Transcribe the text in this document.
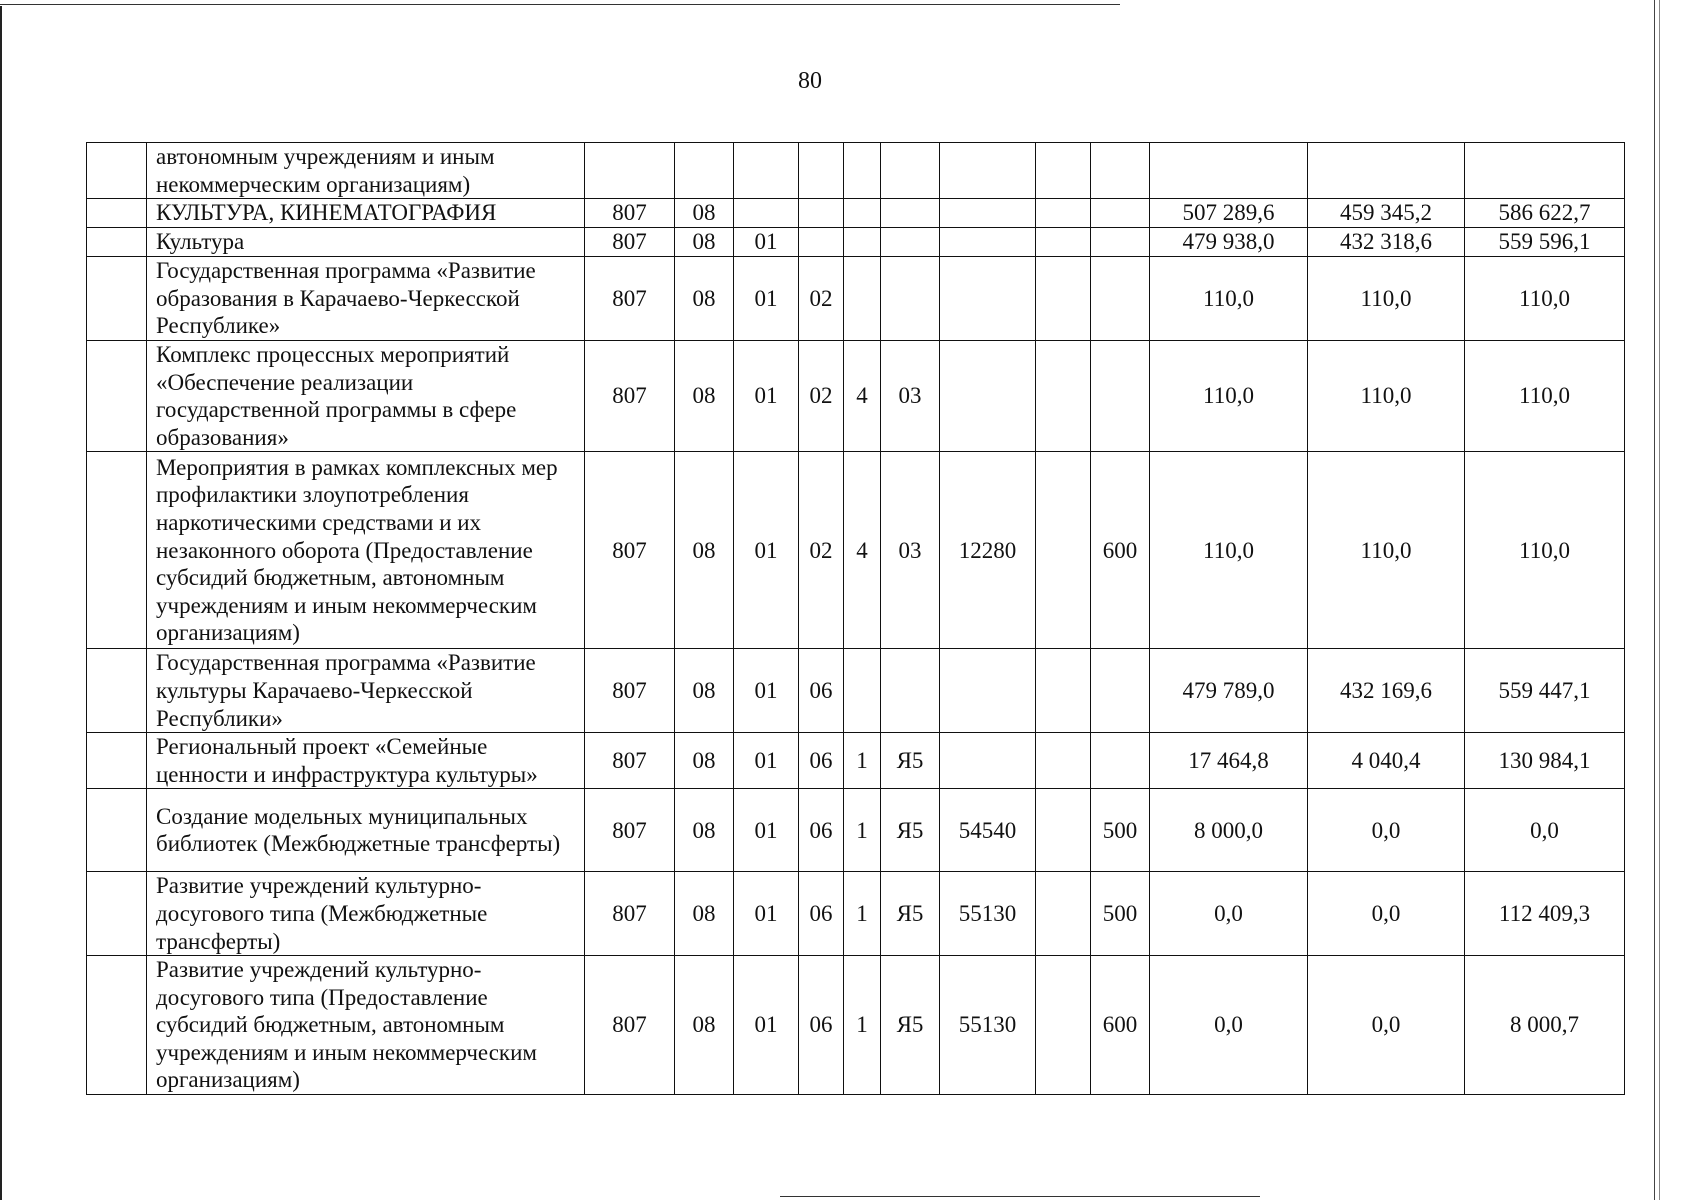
80
	автономным учреждениям и иным некоммерческим организациям)												
	КУЛЬТУРА, КИНЕМАТОГРАФИЯ	807	08								507 289,6	459 345,2	586 622,7
	Культура	807	08	01							479 938,0	432 318,6	559 596,1
	Государственная программа «Развитие образования в Карачаево-Черкесской Республике»	807	08	01	02						110,0	110,0	110,0
	Комплекс процессных мероприятий «Обеспечение реализации государственной программы в сфере образования»	807	08	01	02	4	03				110,0	110,0	110,0
	Мероприятия в рамках комплексных мер профилактики злоупотребления наркотическими средствами и их незаконного оборота (Предоставление субсидий бюджетным, автономным учреждениям и иным некоммерческим организациям)	807	08	01	02	4	03	12280		600	110,0	110,0	110,0
	Государственная программа «Развитие культуры Карачаево-Черкесской Республики»	807	08	01	06						479 789,0	432 169,6	559 447,1
	Региональный проект «Семейные ценности и инфраструктура культуры»	807	08	01	06	1	Я5				17 464,8	4 040,4	130 984,1
	Создание модельных муниципальных библиотек (Межбюджетные трансферты)	807	08	01	06	1	Я5	54540		500	8 000,0	0,0	0,0
	Развитие учреждений культурно-досугового типа (Межбюджетные трансферты)	807	08	01	06	1	Я5	55130		500	0,0	0,0	112 409,3
	Развитие учреждений культурно-досугового типа (Предоставление субсидий бюджетным, автономным учреждениям и иным некоммерческим организациям)	807	08	01	06	1	Я5	55130		600	0,0	0,0	8 000,7
